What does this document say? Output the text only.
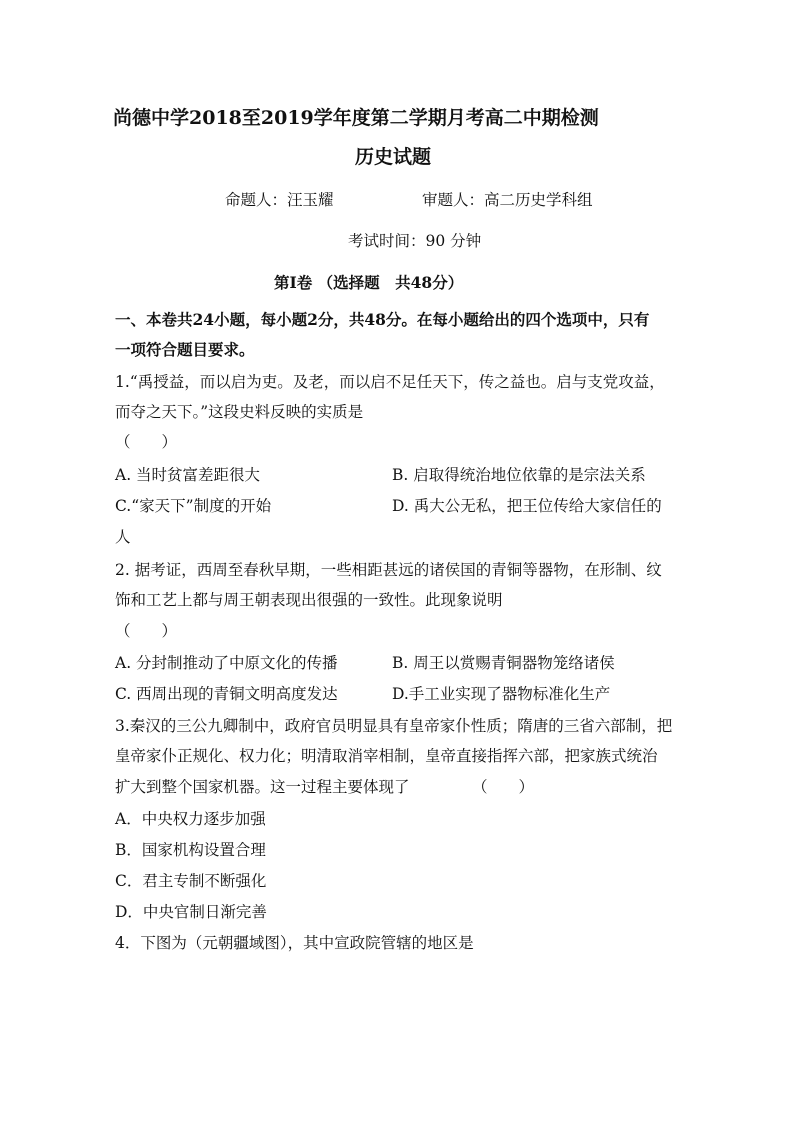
尚德中学2018至2019学年度第二学期月考高二中期检测
历史试题
命题人：汪玉耀	审题人：高二历史学科组
考试时间：90 分钟
第Ⅰ卷 （选择题　共48分）
一、本卷共24小题，每小题2分，共48分。在每小题给出的四个选项中，只有
一项符合题目要求。
1.“禹授益，而以启为吏。及老，而以启不足任天下，传之益也。启与支党攻益，
而夺之天下。”这段史料反映的实质是
（　　）
A. 当时贫富差距很大	B. 启取得统治地位依靠的是宗法关系
C.“家天下”制度的开始	D. 禹大公无私，把王位传给大家信任的
人
2. 据考证，西周至春秋早期，一些相距甚远的诸侯国的青铜等器物，在形制、纹
饰和工艺上都与周王朝表现出很强的一致性。此现象说明
（　　）
A. 分封制推动了中原文化的传播	B. 周王以赏赐青铜器物笼络诸侯
C. 西周出现的青铜文明高度发达	D.手工业实现了器物标准化生产
3.秦汉的三公九卿制中，政府官员明显具有皇帝家仆性质；隋唐的三省六部制，把
皇帝家仆正规化、权力化；明清取消宰相制，皇帝直接指挥六部，把家族式统治
扩大到整个国家机器。这一过程主要体现了	（　　）
A．中央权力逐步加强
B．国家机构设置合理
C．君主专制不断强化
D．中央官制日渐完善
4．下图为（元朝疆域图），其中宣政院管辖的地区是
